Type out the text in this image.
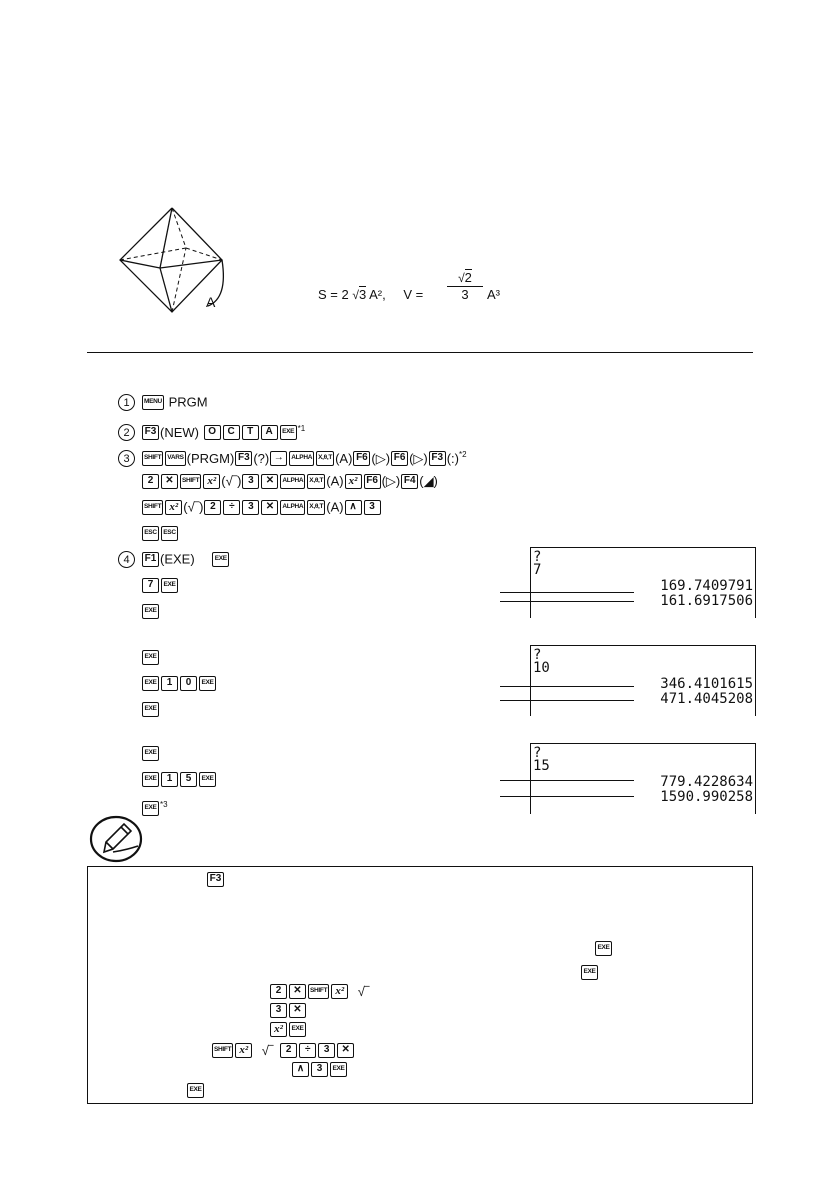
A	S = 2 √3 A², V =
√2
3	A³
1 MENU PRGM
2 F3 (NEW) O C T A EXE $^{*1}$
3 SHIFT VARS (PRGM) F3 (?) → ALPHA X,θ,T (A) F6 (▷) F6 (▷) F3 (:)$^{*2}$
2 ✕ SHIFT x² (√‾) 3 ✕ ALPHA X,θ,T (A) x² F6 (▷) F4 (◢)
SHIFT x² (√‾) 2 ÷ 3 ✕ ALPHA X,θ,T (A) ∧ 3
ESC ESC
4 F1 (EXE)	EXE
7 EXE
EXE
EXE
EXE 1 0 EXE
EXE
EXE
EXE 1 5 EXE
EXE $^{*3}$
?
7
169.7409791
161.6917506
?
10
346.4101615
471.4045208
?
15
779.4228634
1590.990258
F3
EXE
EXE
2 ✕ SHIFT x² √‾
3 ✕
x² EXE
SHIFT x² √‾ 2 ÷ 3 ✕
∧ 3 EXE
EXE
